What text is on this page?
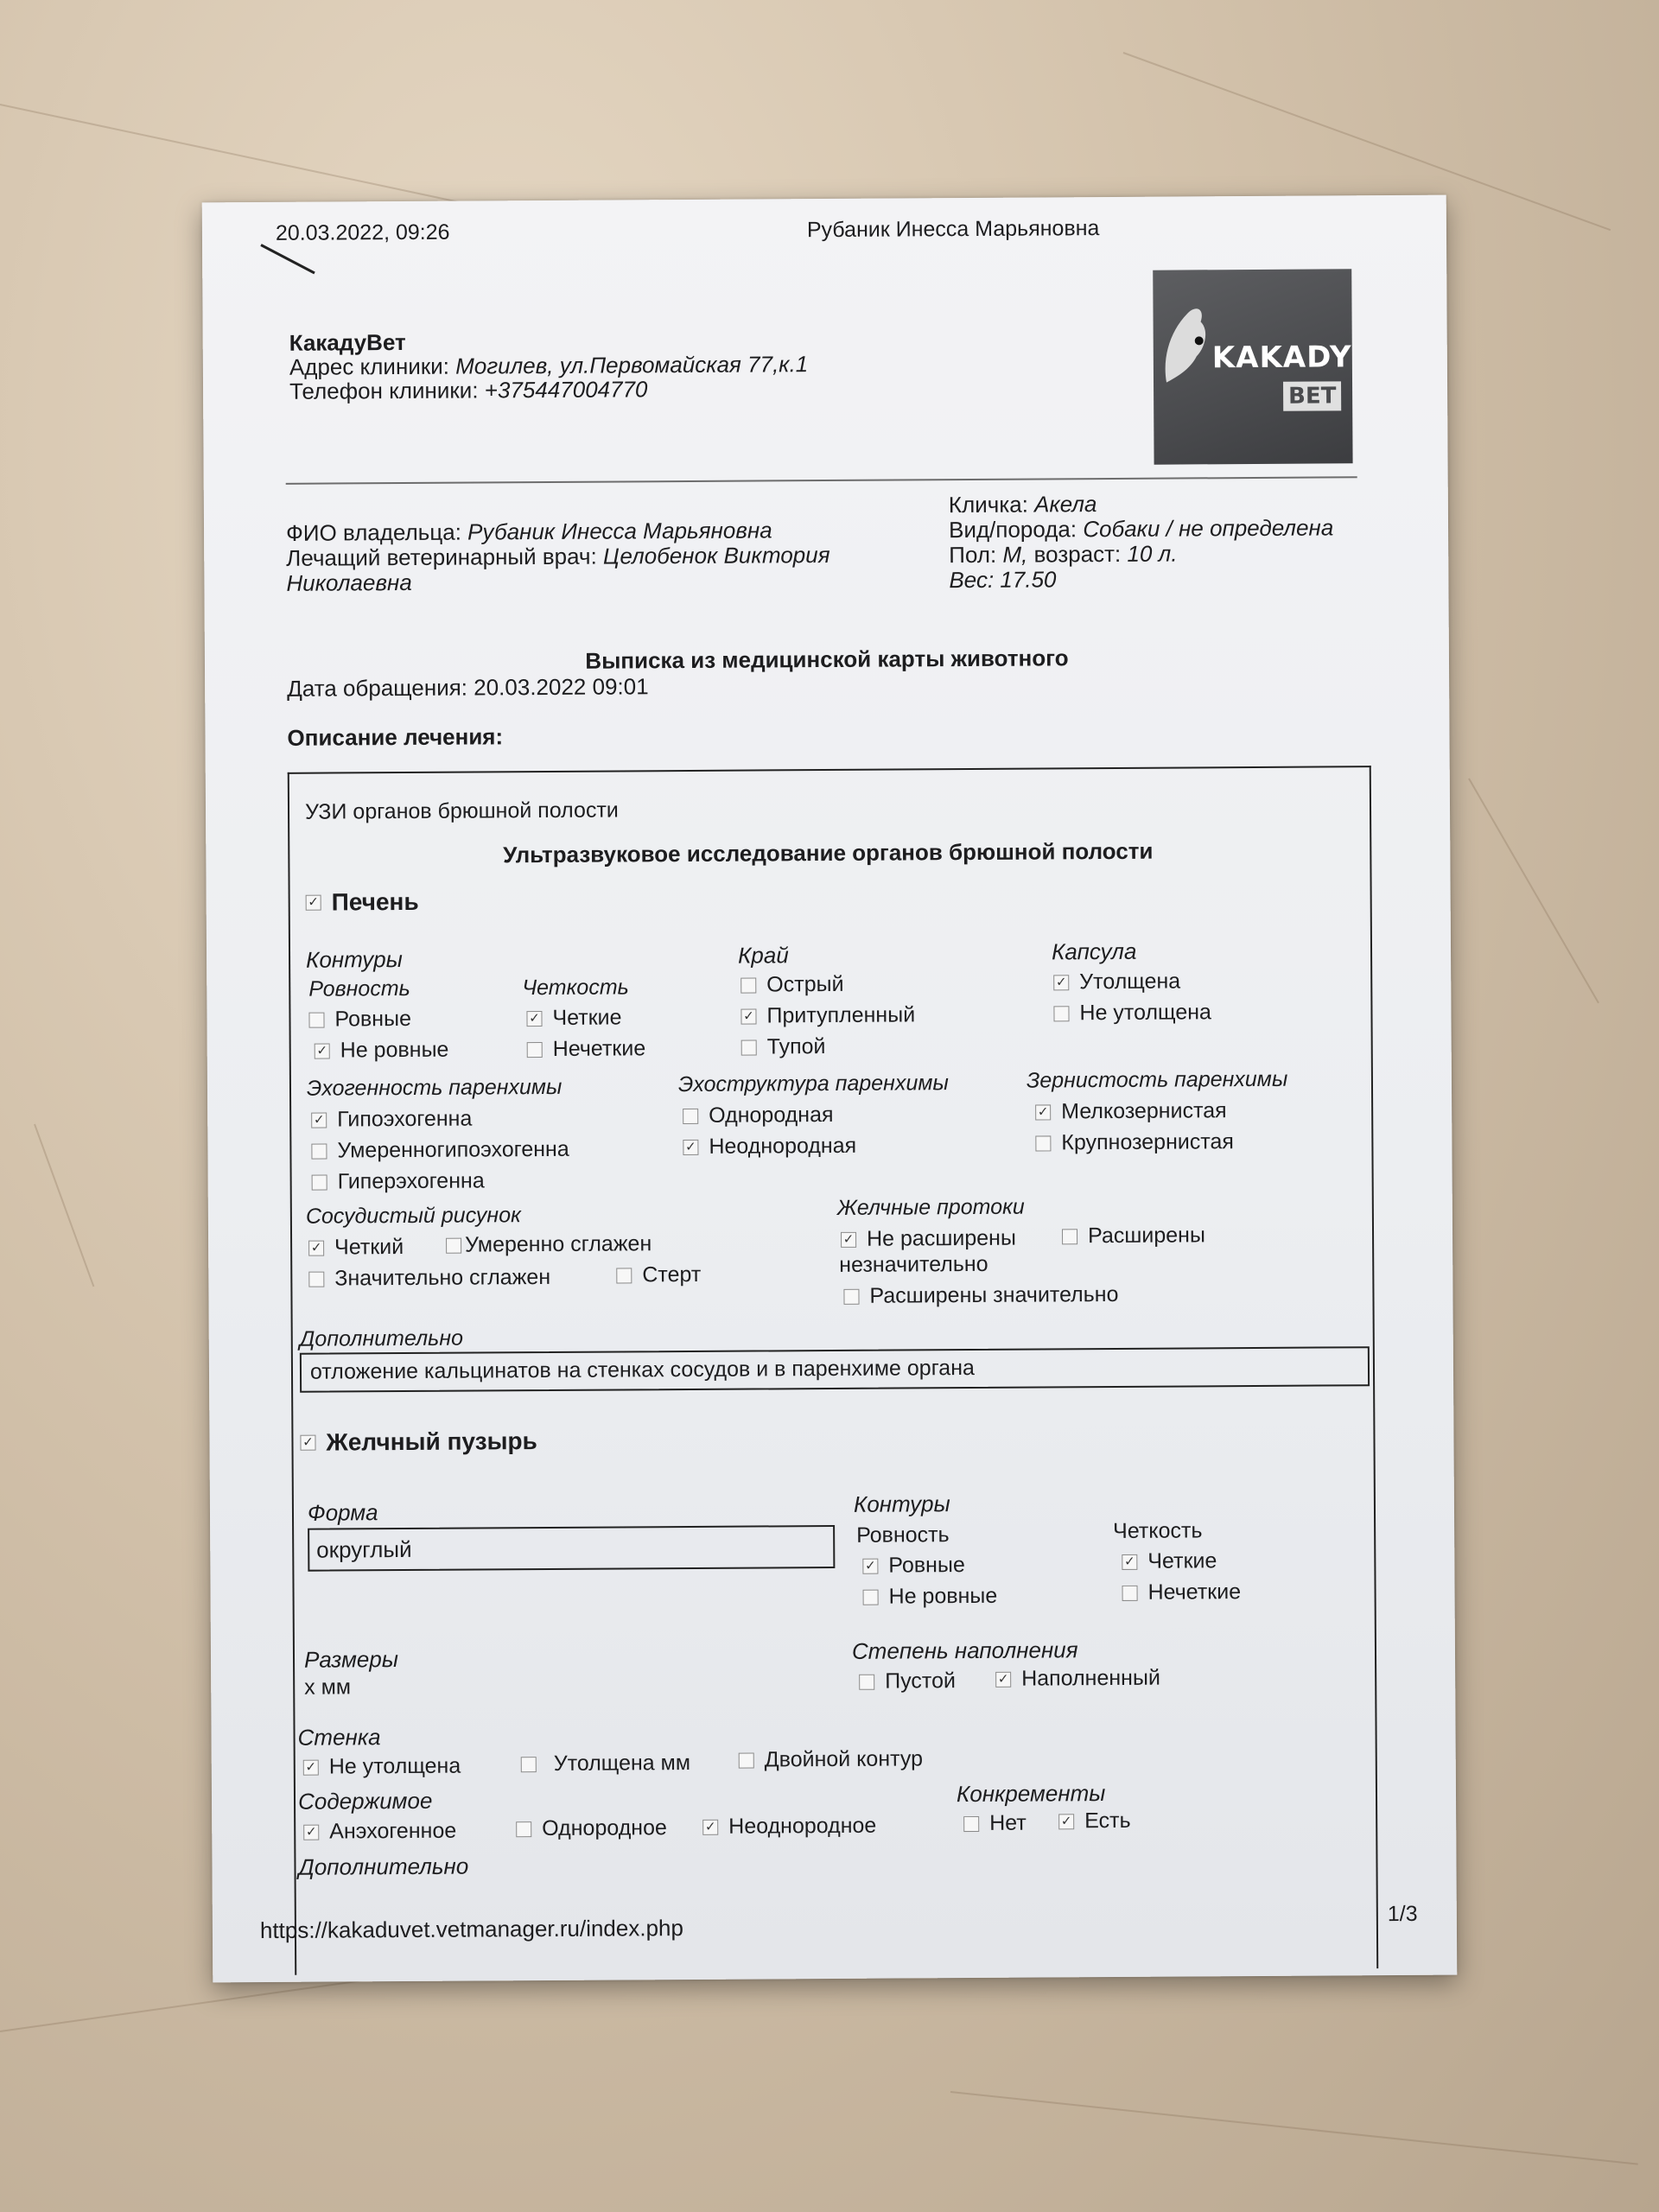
20.03.2022, 09:26	Рубаник Инесса Марьяновна
КакадуВет
Адрес клиники: Могилев, ул.Первомайская 77,к.1
Телефон клиники: +375447004770
KAKADY
BET
ФИО владельца: Рубаник Инесса Марьяновна
Лечащий ветеринарный врач: Целобенок Виктория
Николаевна
Кличка: Акела
Вид/порода: Собаки / не определена
Пол: М, возраст: 10 л.
Вес: 17.50
Выписка из медицинской карты животного
Дата обращения: 20.03.2022 09:01
Описание лечения:
УЗИ органов брюшной полости
Ультразвуковое исследование органов брюшной полости
✓ Печень
Контуры
Ровность
Ровные
✓ Не ровные
Четкость
✓ Четкие
Нечеткие
Край
Острый
✓ Притупленный
Тупой
Капсула
✓ Утолщена
Не утолщена
Эхогенность паренхимы
✓ Гипоэхогенна
Умеренногипоэхогенна
Гиперэхогенна
Эхоструктура паренхимы
Однородная
✓ Неоднородная
Зернистость паренхимы
✓ Мелкозернистая
Крупнозернистая
Сосудистый рисунок
✓ Четкий	Умеренно сглажен
Значительно сглажен	Стерт
Желчные протоки
✓ Не расширены	Расширены
незначительно
Расширены значительно
Дополнительно
отложение кальцинатов на стенках сосудов и в паренхиме органа
✓ Желчный пузырь
Форма
округлый
Контуры
Ровность
✓ Ровные
Не ровные
Четкость
✓ Четкие
Нечеткие
Размеры
х мм
Степень наполнения
Пустой	✓ Наполненный
Стенка
✓ Не утолщена	Утолщена мм	Двойной контур
Содержимое
✓ Анэхогенное	Однородное	✓ Неоднородное
Конкременты
Нет	✓ Есть
Дополнительно
https://kakaduvet.vetmanager.ru/index.php
1/3
